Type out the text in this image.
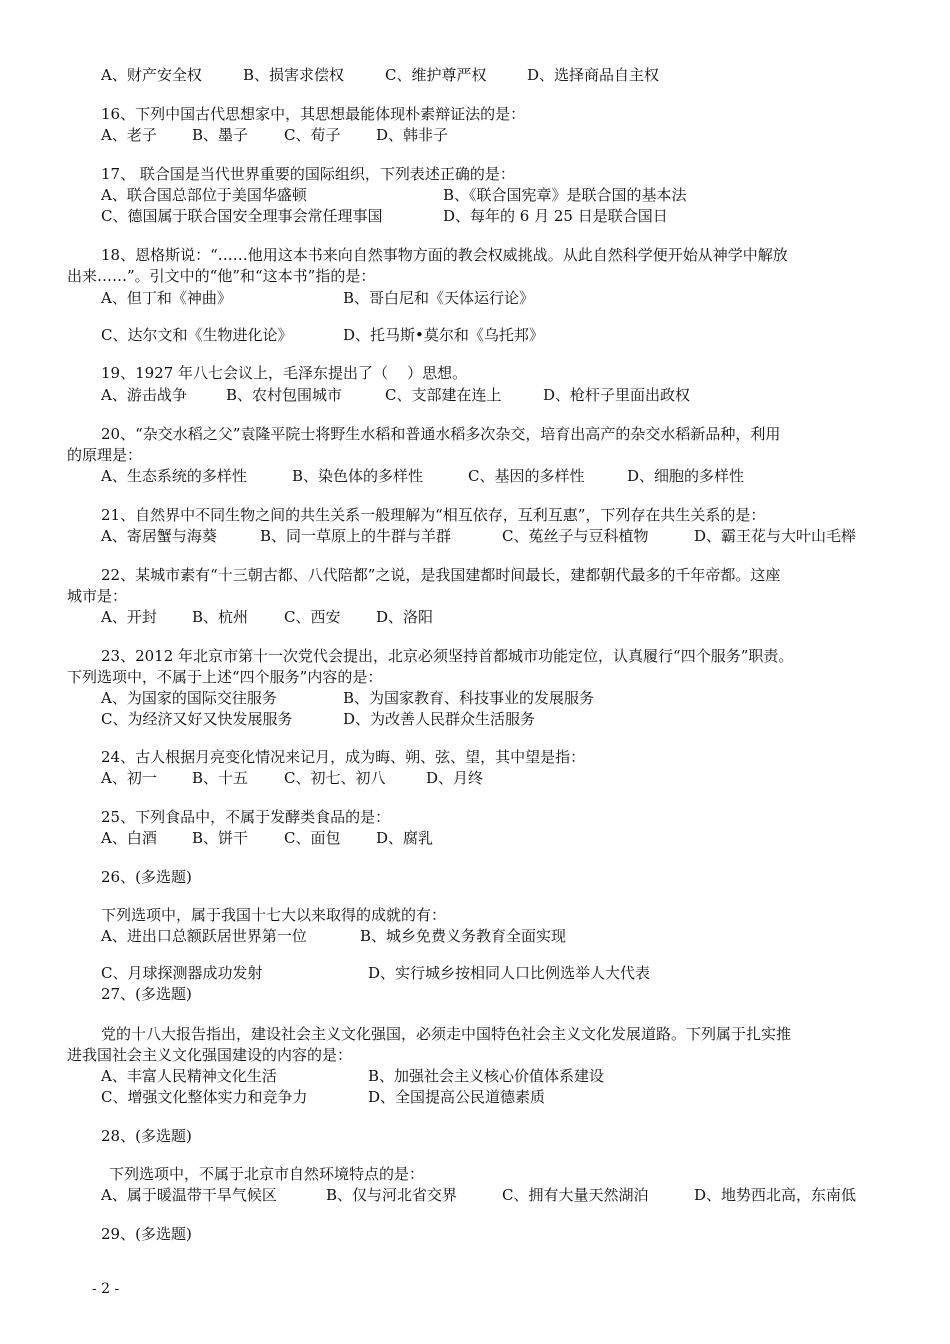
A、财产安全权	B、损害求偿权	C、维护尊严权	D、选择商品自主权
16、下列中国古代思想家中，其思想最能体现朴素辩证法的是：
A、老子 B、墨子 C、荀子 D、韩非子
17、 联合国是当代世界重要的国际组织，下列表述正确的是：
A、联合国总部位于美国华盛顿	B、《联合国宪章》是联合国的基本法
C、德国属于联合国安全理事会常任理事国	D、每年的 6 月 25 日是联合国日
18、恩格斯说：“……他用这本书来向自然事物方面的教会权威挑战。从此自然科学便开始从神学中解放
出来……”。引文中的“他”和“这本书”指的是：
A、但丁和《神曲》	B、哥白尼和《天体运行论》
C、达尔文和《生物进化论》	D、托马斯•莫尔和《乌托邦》
19、1927 年八七会议上，毛泽东提出了（    ）思想。
A、游击战争	B、农村包围城市	C、支部建在连上	D、枪杆子里面出政权
20、“杂交水稻之父”袁隆平院士将野生水稻和普通水稻多次杂交，培育出高产的杂交水稻新品种，利用
的原理是：
A、生态系统的多样性	B、染色体的多样性	C、基因的多样性	D、细胞的多样性
21、自然界中不同生物之间的共生关系一般理解为“相互依存，互利互惠”，下列存在共生关系的是：
A、寄居蟹与海葵	B、同一草原上的牛群与羊群	C、菟丝子与豆科植物	D、霸王花与大叶山毛榉
22、某城市素有“十三朝古都、八代陪都”之说，是我国建都时间最长，建都朝代最多的千年帝都。这座
城市是：
A、开封 B、杭州 C、西安 D、洛阳
23、2012 年北京市第十一次党代会提出，北京必须坚持首都城市功能定位，认真履行“四个服务”职责。
下列选项中，不属于上述“四个服务”内容的是：
A、为国家的国际交往服务	B、为国家教育、科技事业的发展服务
C、为经济又好又快发展服务	D、为改善人民群众生活服务
24、古人根据月亮变化情况来记月，成为晦、朔、弦、望，其中望是指：
A、初一 B、十五 C、初七、初八	D、月终
25、下列食品中，不属于发酵类食品的是：
A、白酒 B、饼干 C、面包 D、腐乳
26、(多选题)
下列选项中，属于我国十七大以来取得的成就的有：
A、进出口总额跃居世界第一位	B、城乡免费义务教育全面实现
C、月球探测器成功发射	D、实行城乡按相同人口比例选举人大代表
27、(多选题)
党的十八大报告指出，建设社会主义文化强国，必须走中国特色社会主义文化发展道路。下列属于扎实推
进我国社会主义文化强国建设的内容的是：
A、丰富人民精神文化生活	B、加强社会主义核心价值体系建设
C、增强文化整体实力和竞争力	D、全国提高公民道德素质
28、(多选题)
下列选项中，不属于北京市自然环境特点的是：
A、属于暖温带干旱气候区	B、仅与河北省交界	C、拥有大量天然湖泊	D、地势西北高，东南低
29、(多选题)
- 2 -
